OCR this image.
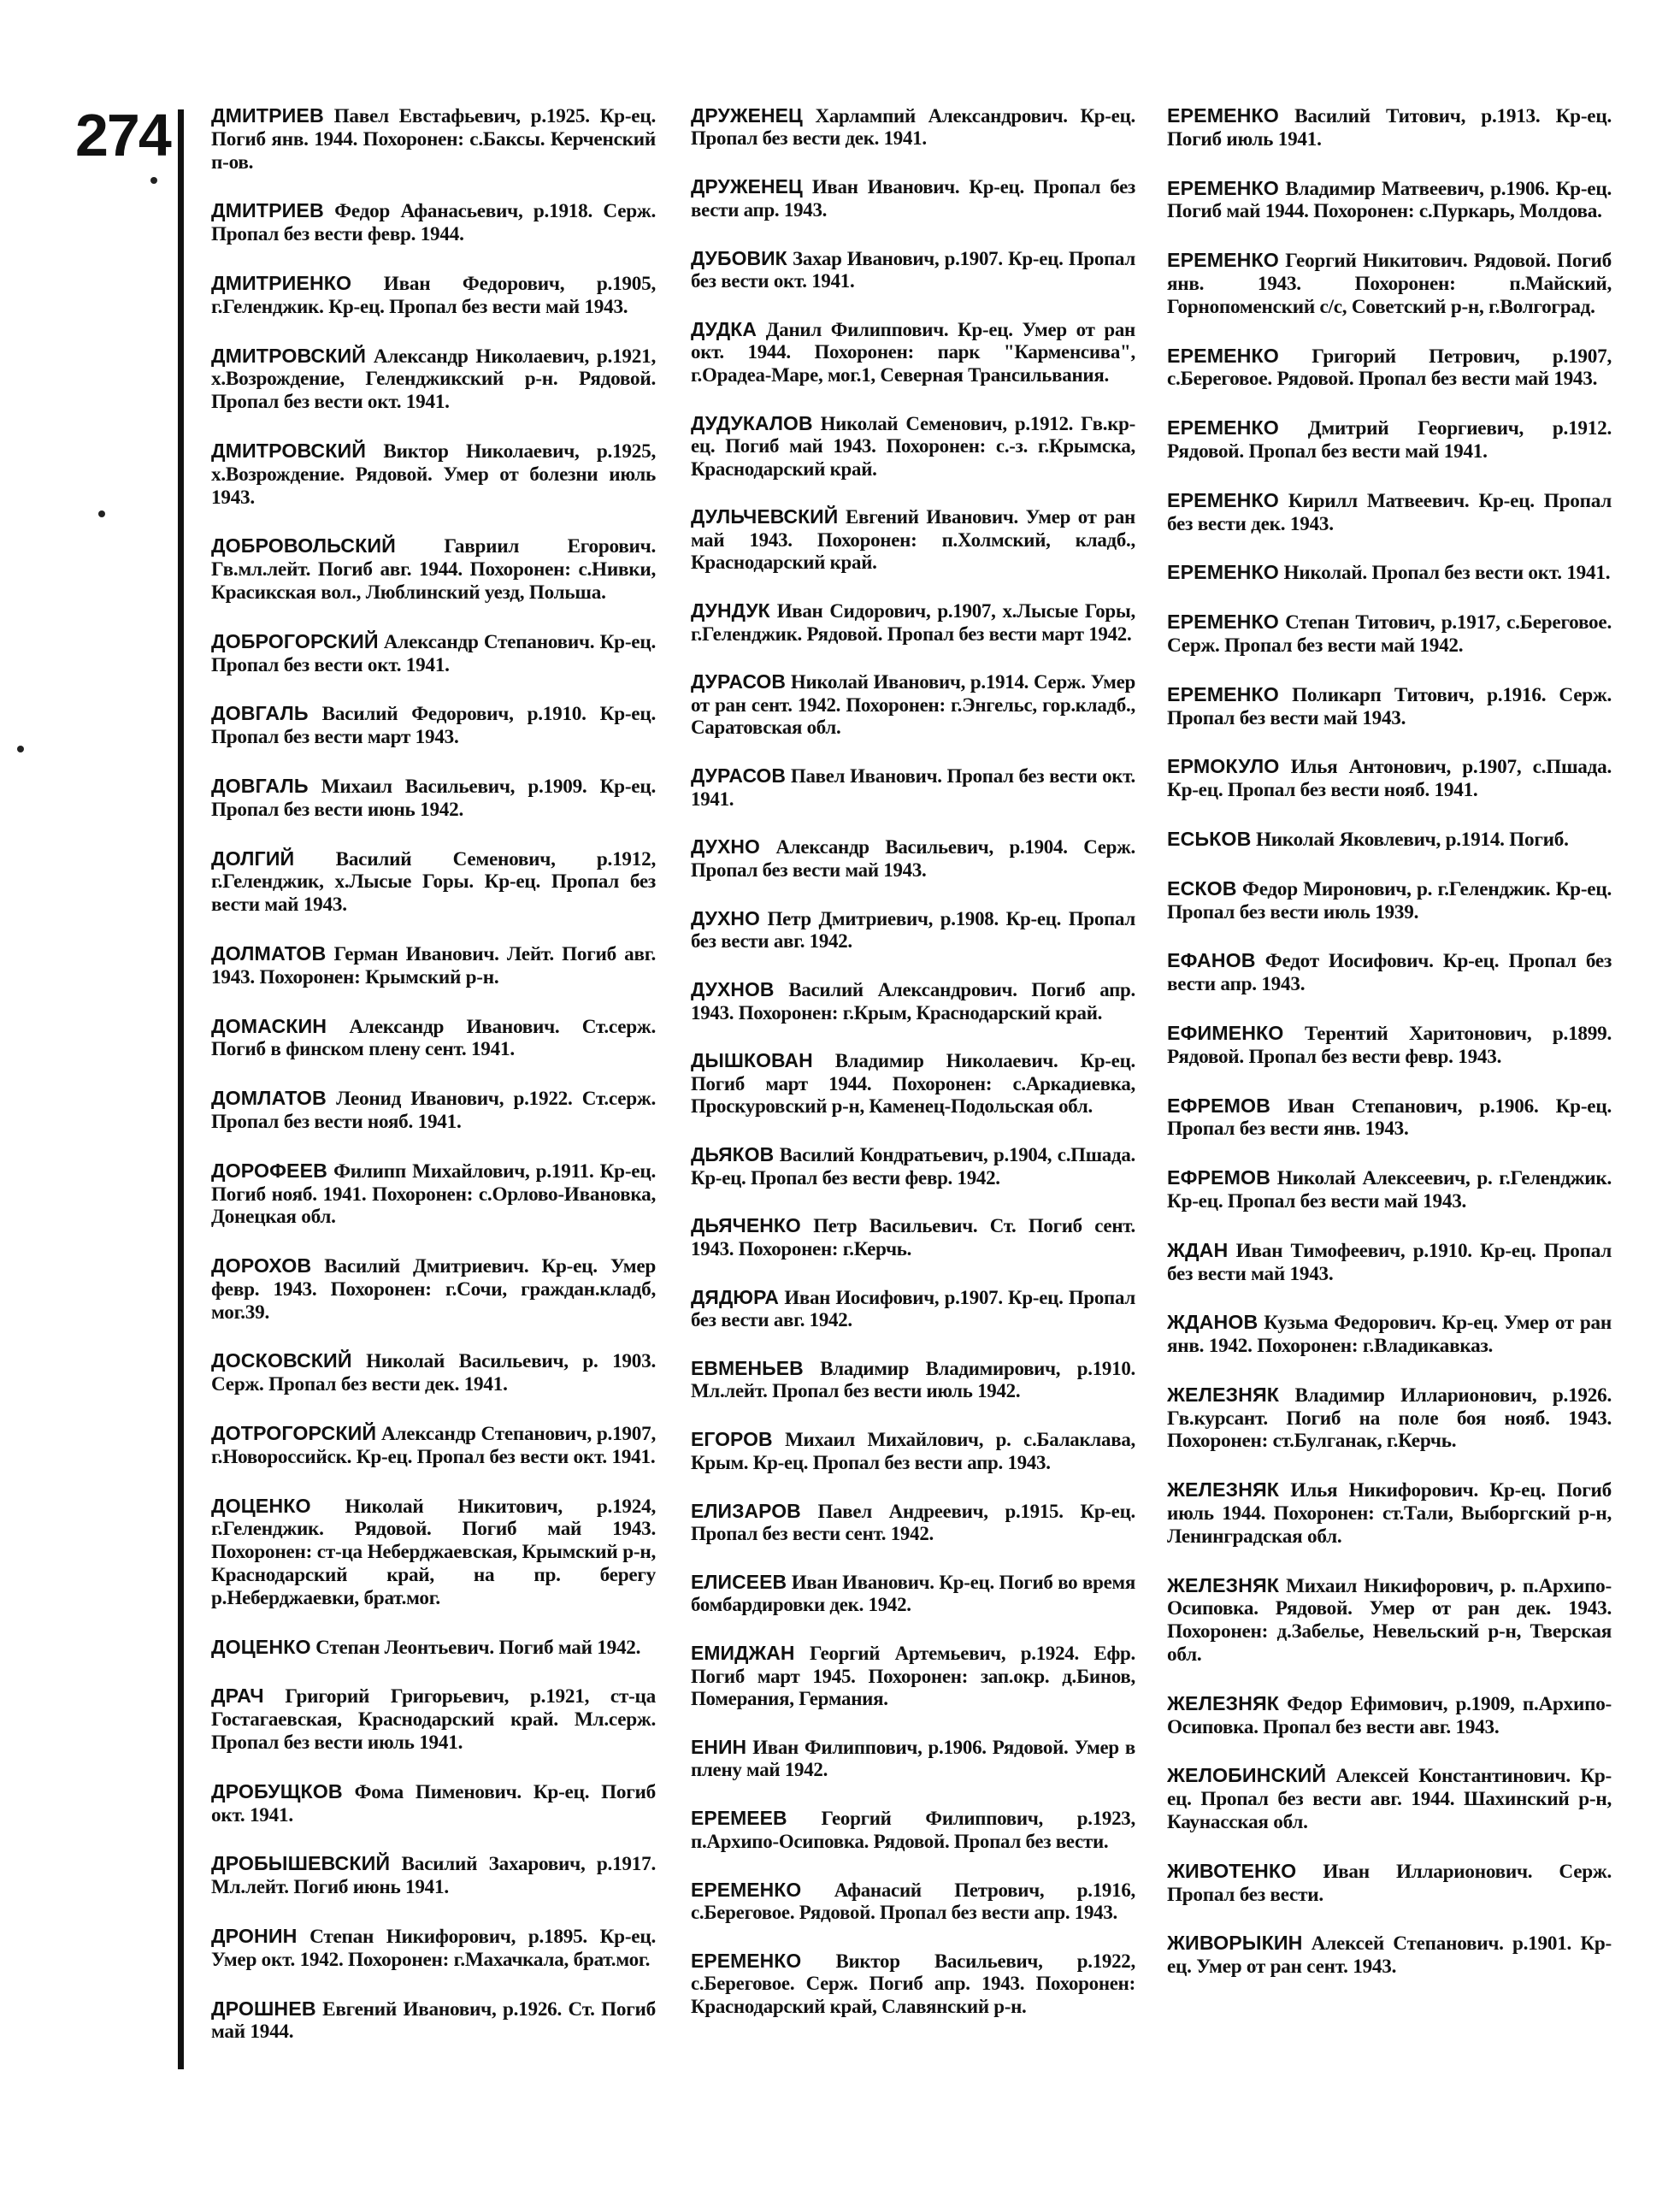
274 ДМИТРИЕВ Павел Евстафьевич, р.1925. Кр-ец. Погиб янв. 1944. Похоронен: с.Баксы. Керченский п-ов.

ДМИТРИЕВ Федор Афанасьевич, р.1918. Серж. Пропал без вести февр. 1944.

ДМИТРИЕНКО Иван Федорович, р.1905, г.Геленджик. Кр-ец. Пропал без вести май 1943.

ДМИТРОВСКИЙ Александр Николаевич, р.1921, х.Возрождение, Геленджикский р-н. Рядовой. Пропал без вести окт. 1941.

ДМИТРОВСКИЙ Виктор Николаевич, р.1925, х.Возрождение. Рядовой. Умер от болезни июль 1943.

ДОБРОВОЛЬСКИЙ Гавриил Егорович. Гв.мл.лейт. Погиб авг. 1944. Похоронен: с.Нивки, Красикская вол., Люблинский уезд, Польша.

ДОБРОГОРСКИЙ Александр Степанович. Кр-ец. Пропал без вести окт. 1941.

ДОВГАЛЬ Василий Федорович, р.1910. Кр-ец. Пропал без вести март 1943.

ДОВГАЛЬ Михаил Васильевич, р.1909. Кр-ец. Пропал без вести июнь 1942.

ДОЛГИЙ Василий Семенович, р.1912, г.Геленджик, х.Лысые Горы. Кр-ец. Пропал без вести май 1943.

ДОЛМАТОВ Герман Иванович. Лейт. Погиб авг. 1943. Похоронен: Крымский р-н.

ДОМАСКИН Александр Иванович. Ст.серж. Погиб в финском плену сент. 1941.

ДОМЛАТОВ Леонид Иванович, р.1922. Ст.серж. Пропал без вести нояб. 1941.

ДОРОФЕЕВ Филипп Михайлович, р.1911. Кр-ец. Погиб нояб. 1941. Похоронен: с.Орлово-Ивановка, Донецкая обл.

ДОРОХОВ Василий Дмитриевич. Кр-ец. Умер февр. 1943. Похоронен: г.Сочи, граждан.кладб, мог.39.

ДОСКОВСКИЙ Николай Васильевич, р. 1903. Серж. Пропал без вести дек. 1941.

ДОТРОГОРСКИЙ Александр Степанович, р.1907, г.Новороссийск. Кр-ец. Пропал без вести окт. 1941.

ДОЦЕНКО Николай Никитович, р.1924, г.Геленджик. Рядовой. Погиб май 1943. Похоронен: ст-ца Неберджаевская, Крымский р-н, Краснодарский край, на пр. берегу р.Неберджаевки, брат.мог.

ДОЦЕНКО Степан Леонтьевич. Погиб май 1942.

ДРАЧ Григорий Григорьевич, р.1921, ст-ца Гостагаевская, Краснодарский край. Мл.серж. Пропал без вести июль 1941.

ДРОБУЩКОВ Фома Пименович. Кр-ец. Погиб окт. 1941.

ДРОБЫШЕВСКИЙ Василий Захарович, р.1917. Мл.лейт. Погиб июнь 1941.

ДРОНИН Степан Никифорович, р.1895. Кр-ец. Умер окт. 1942. Похоронен: г.Махачкала, брат.мог.

ДРОШНЕВ Евгений Иванович, р.1926. Ст. Погиб май 1944.

ДРУЖЕНЕЦ Харлампий Александрович. Кр-ец. Пропал без вести дек. 1941.

ДРУЖЕНЕЦ Иван Иванович. Кр-ец. Пропал без вести апр. 1943.

ДУБОВИК Захар Иванович, р.1907. Кр-ец. Пропал без вести окт. 1941.

ДУДКА Данил Филиппович. Кр-ец. Умер от ран окт. 1944. Похоронен: парк "Карменсива", г.Орадеа-Маре, мог.1, Северная Трансильвания.

ДУДУКАЛОВ Николай Семенович, р.1912. Гв.кр-ец. Погиб май 1943. Похоронен: с.-з. г.Крымска, Краснодарский край.

ДУЛЬЧЕВСКИЙ Евгений Иванович. Умер от ран май 1943. Похоронен: п.Холмский, кладб., Краснодарский край.

ДУНДУК Иван Сидорович, р.1907, х.Лысые Горы, г.Геленджик. Рядовой. Пропал без вести март 1942.

ДУРАСОВ Николай Иванович, р.1914. Серж. Умер от ран сент. 1942. Похоронен: г.Энгельс, гор.кладб., Саратовская обл.

ДУРАСОВ Павел Иванович. Пропал без вести окт. 1941.

ДУХНО Александр Васильевич, р.1904. Серж. Пропал без вести май 1943.

ДУХНО Петр Дмитриевич, р.1908. Кр-ец. Пропал без вести авг. 1942.

ДУХНОВ Василий Александрович. Погиб апр. 1943. Похоронен: г.Крым, Краснодарский край.

ДЫШКОВАН Владимир Николаевич. Кр-ец. Погиб март 1944. Похоронен: с.Аркадиевка, Проскуровский р-н, Каменец-Подольская обл.

ДЬЯКОВ Василий Кондратьевич, р.1904, с.Пшада. Кр-ец. Пропал без вести февр. 1942.

ДЬЯЧЕНКО Петр Васильевич. Ст. Погиб сент. 1943. Похоронен: г.Керчь.

ДЯДЮРА Иван Иосифович, р.1907. Кр-ец. Пропал без вести авг. 1942.

ЕВМЕНЬЕВ Владимир Владимирович, р.1910. Мл.лейт. Пропал без вести июль 1942.

ЕГОРОВ Михаил Михайлович, р. с.Балаклава, Крым. Кр-ец. Пропал без вести апр. 1943.

ЕЛИЗАРОВ Павел Андреевич, р.1915. Кр-ец. Пропал без вести сент. 1942.

ЕЛИСЕЕВ Иван Иванович. Кр-ец. Погиб во время бомбардировки дек. 1942.

ЕМИДЖАН Георгий Артемьевич, р.1924. Ефр. Погиб март 1945. Похоронен: зап.окр. д.Бинов, Померания, Германия.

ЕНИН Иван Филиппович, р.1906. Рядовой. Умер в плену май 1942.

ЕРЕМЕЕВ Георгий Филиппович, р.1923, п.Архипо-Осиповка. Рядовой. Пропал без вести.

ЕРЕМЕНКО Афанасий Петрович, р.1916, с.Береговое. Рядовой. Пропал без вести апр. 1943.

ЕРЕМЕНКО Виктор Васильевич, р.1922, с.Береговое. Серж. Погиб апр. 1943. Похоронен: Краснодарский край, Славянский р-н.

ЕРЕМЕНКО Василий Титович, р.1913. Кр-ец. Погиб июль 1941.

ЕРЕМЕНКО Владимир Матвеевич, р.1906. Кр-ец. Погиб май 1944. Похоронен: с.Пуркарь, Молдова.

ЕРЕМЕНКО Георгий Никитович. Рядовой. Погиб янв. 1943. Похоронен: п.Майский, Горнопоменский с/с, Советский р-н, г.Волгоград.

ЕРЕМЕНКО Григорий Петрович, р.1907, с.Береговое. Рядовой. Пропал без вести май 1943.

ЕРЕМЕНКО Дмитрий Георгиевич, р.1912. Рядовой. Пропал без вести май 1941.

ЕРЕМЕНКО Кирилл Матвеевич. Кр-ец. Пропал без вести дек. 1943.

ЕРЕМЕНКО Николай. Пропал без вести окт. 1941.

ЕРЕМЕНКО Степан Титович, р.1917, с.Береговое. Серж. Пропал без вести май 1942.

ЕРЕМЕНКО Поликарп Титович, р.1916. Серж. Пропал без вести май 1943.

ЕРМОКУЛО Илья Антонович, р.1907, с.Пшада. Кр-ец. Пропал без вести нояб. 1941.

ЕСЬКОВ Николай Яковлевич, р.1914. Погиб.

ЕСКОВ Федор Миронович, р. г.Геленджик. Кр-ец. Пропал без вести июль 1939.

ЕФАНОВ Федот Иосифович. Кр-ец. Пропал без вести апр. 1943.

ЕФИМЕНКО Терентий Харитонович, р.1899. Рядовой. Пропал без вести февр. 1943.

ЕФРЕМОВ Иван Степанович, р.1906. Кр-ец. Пропал без вести янв. 1943.

ЕФРЕМОВ Николай Алексеевич, р. г.Геленджик. Кр-ец. Пропал без вести май 1943.

ЖДАН Иван Тимофеевич, р.1910. Кр-ец. Пропал без вести май 1943.

ЖДАНОВ Кузьма Федорович. Кр-ец. Умер от ран янв. 1942. Похоронен: г.Владикавказ.

ЖЕЛЕЗНЯК Владимир Илларионович, р.1926. Гв.курсант. Погиб на поле боя нояб. 1943. Похоронен: ст.Булганак, г.Керчь.

ЖЕЛЕЗНЯК Илья Никифорович. Кр-ец. Погиб июль 1944. Похоронен: ст.Тали, Выборгский р-н, Ленинградская обл.

ЖЕЛЕЗНЯК Михаил Никифорович, р. п.Архипо-Осиповка. Рядовой. Умер от ран дек. 1943. Похоронен: д.Забелье, Невельский р-н, Тверская обл.

ЖЕЛЕЗНЯК Федор Ефимович, р.1909, п.Архипо-Осиповка. Пропал без вести авг. 1943.

ЖЕЛОБИНСКИЙ Алексей Константинович. Кр-ец. Пропал без вести авг. 1944. Шахинский р-н, Каунасская обл.

ЖИВОТЕНКО Иван Илларионович. Серж. Пропал без вести.

ЖИВОРЫКИН Алексей Степанович. р.1901. Кр-ец. Умер от ран сент. 1943.
